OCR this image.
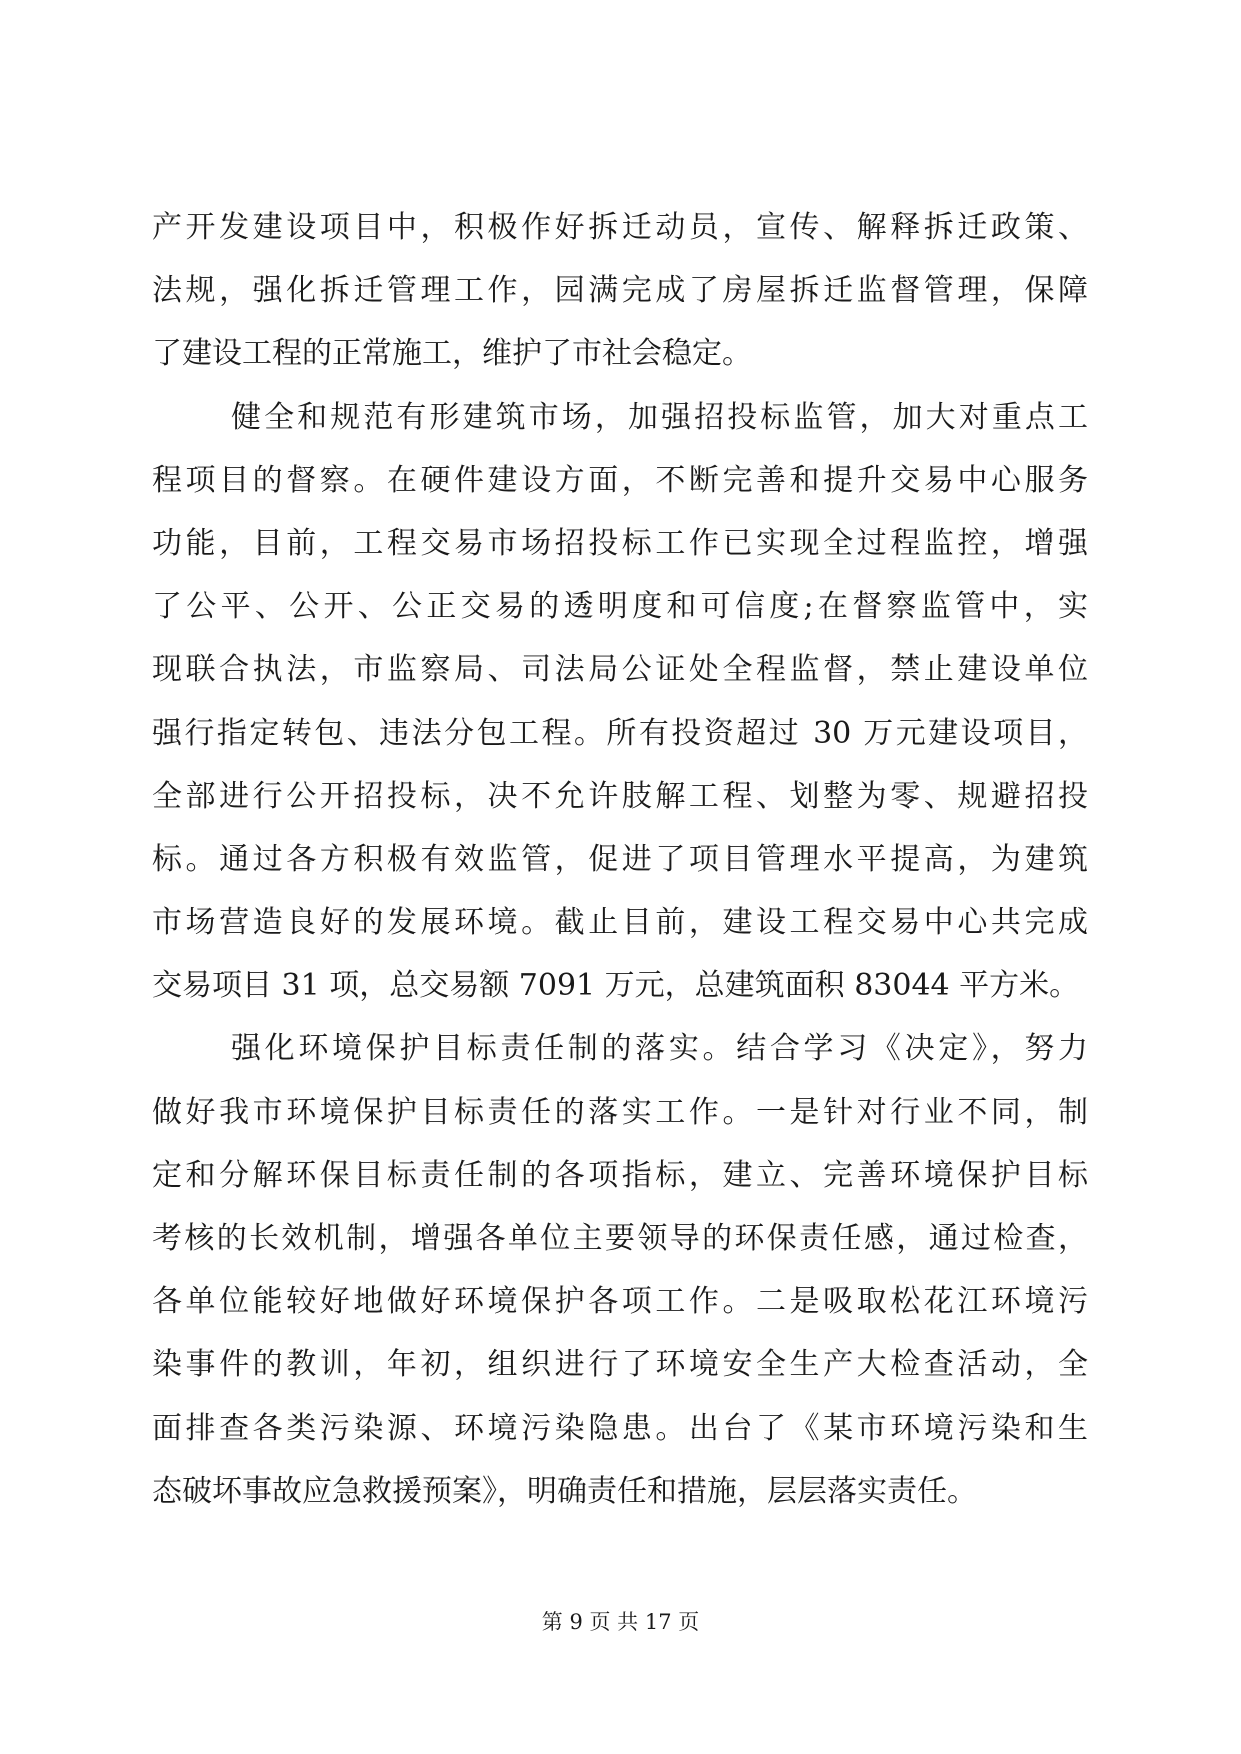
产开发建设项目中，积极作好拆迁动员，宣传、解释拆迁政策、
法规，强化拆迁管理工作，园满完成了房屋拆迁监督管理，保障
了建设工程的正常施工，维护了市社会稳定。
健全和规范有形建筑市场，加强招投标监管，加大对重点工
程项目的督察。在硬件建设方面，不断完善和提升交易中心服务
功能，目前，工程交易市场招投标工作已实现全过程监控，增强
了公平、公开、公正交易的透明度和可信度;在督察监管中，实
现联合执法，市监察局、司法局公证处全程监督，禁止建设单位
强行指定转包、违法分包工程。所有投资超过 30 万元建设项目，
全部进行公开招投标，决不允许肢解工程、划整为零、规避招投
标。通过各方积极有效监管，促进了项目管理水平提高，为建筑
市场营造良好的发展环境。截止目前，建设工程交易中心共完成
交易项目 31 项，总交易额 7091 万元，总建筑面积 83044 平方米。
强化环境保护目标责任制的落实。结合学习《决定》，努力
做好我市环境保护目标责任的落实工作。一是针对行业不同，制
定和分解环保目标责任制的各项指标，建立、完善环境保护目标
考核的长效机制，增强各单位主要领导的环保责任感，通过检查，
各单位能较好地做好环境保护各项工作。二是吸取松花江环境污
染事件的教训，年初，组织进行了环境安全生产大检查活动，全
面排查各类污染源、环境污染隐患。出台了《某市环境污染和生
态破坏事故应急救援预案》，明确责任和措施，层层落实责任。
第 9 页 共 17 页
